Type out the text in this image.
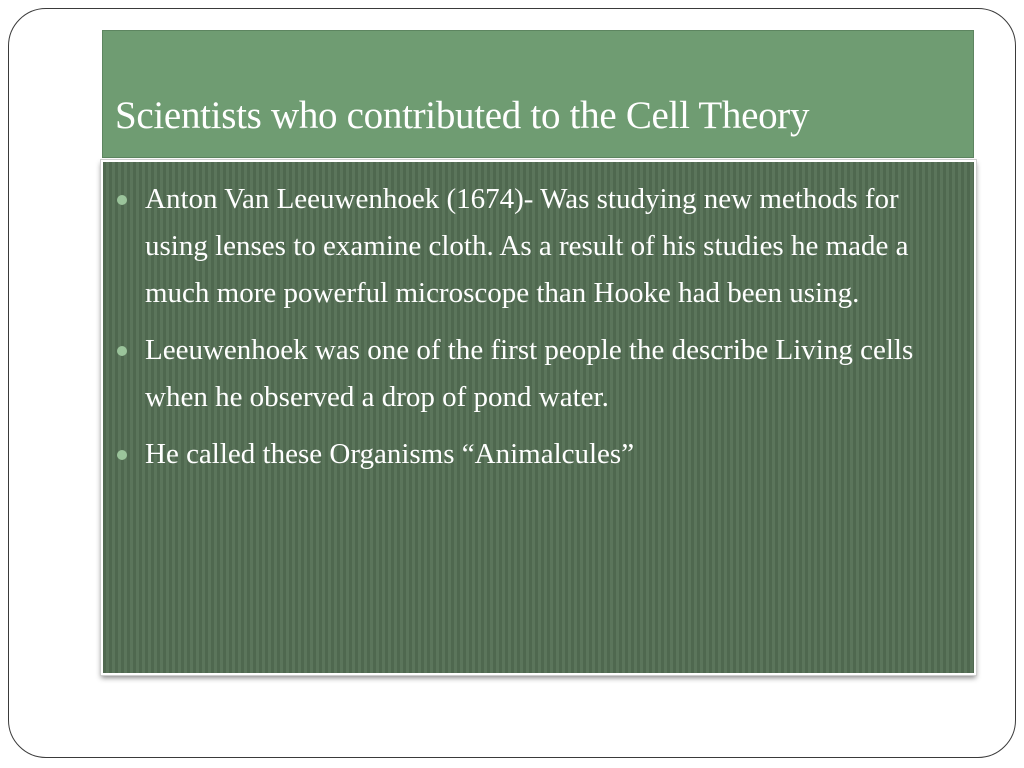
Scientists who contributed to the Cell Theory
Anton Van Leeuwenhoek (1674)- Was studying new methods for using lenses to examine cloth. As a result of his studies he made a much more powerful microscope than Hooke had been using.
Leeuwenhoek was one of the first people the describe Living cells when he observed a drop of pond water.
He called these Organisms “Animalcules”
